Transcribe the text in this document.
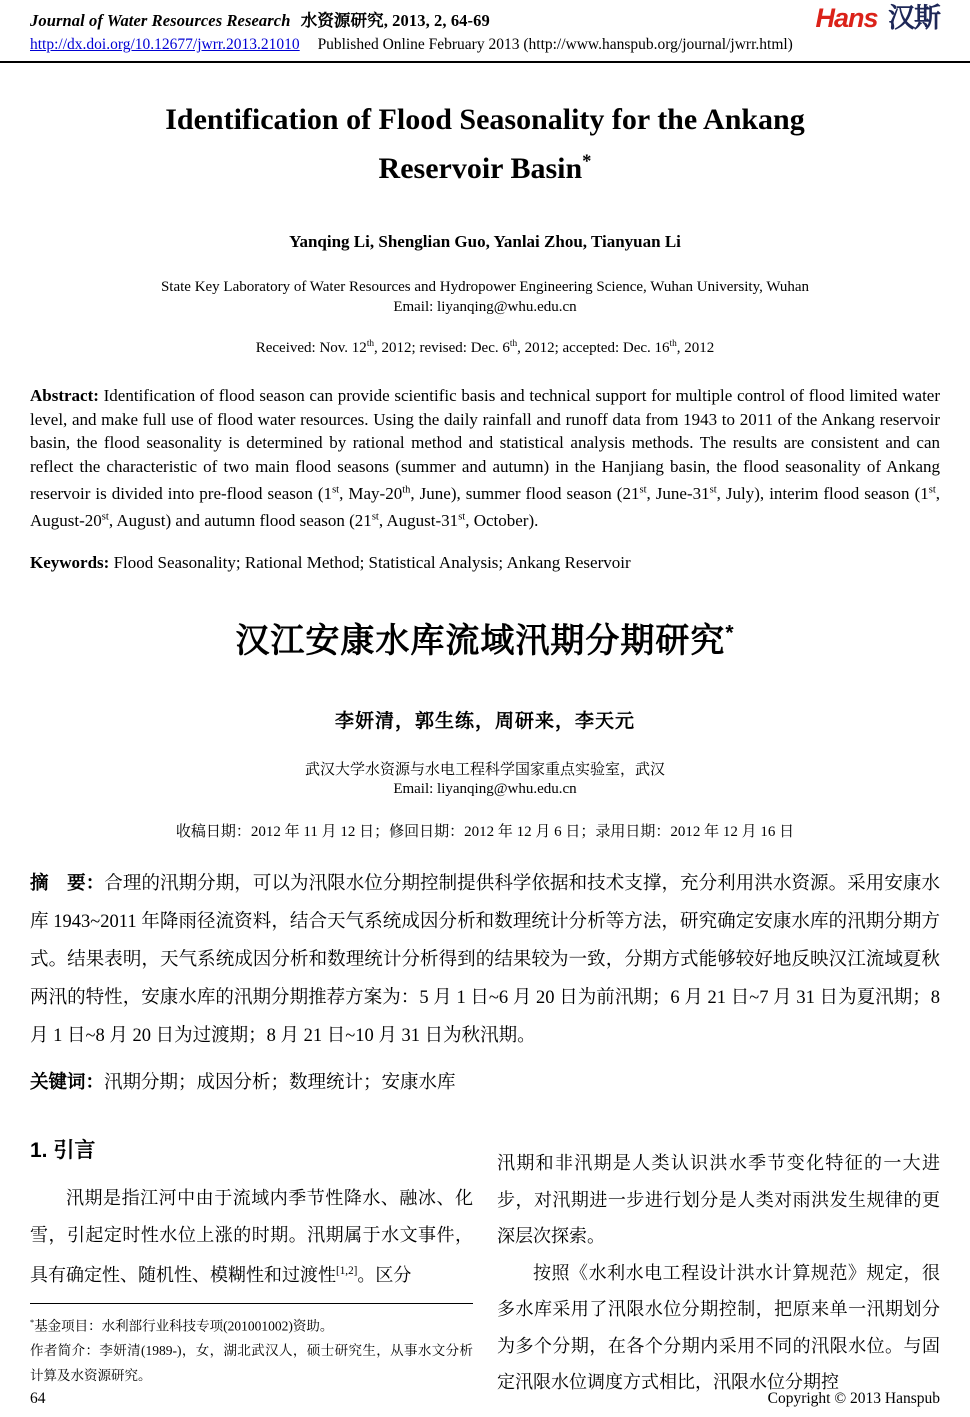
Journal of Water Resources Research 水资源研究, 2013, 2, 64-69
http://dx.doi.org/10.12677/jwrr.2013.21010 Published Online February 2013 (http://www.hanspub.org/journal/jwrr.html)
Hans 汉斯
Identification of Flood Seasonality for the Ankang
Reservoir Basin*
Yanqing Li, Shenglian Guo, Yanlai Zhou, Tianyuan Li
State Key Laboratory of Water Resources and Hydropower Engineering Science, Wuhan University, Wuhan
Email: liyanqing@whu.edu.cn
Received: Nov. 12th, 2012; revised: Dec. 6th, 2012; accepted: Dec. 16th, 2012
Abstract: Identification of flood season can provide scientific basis and technical support for multiple control of flood limited water level, and make full use of flood water resources. Using the daily rainfall and runoff data from 1943 to 2011 of the Ankang reservoir basin, the flood seasonality is determined by rational method and statistical analysis methods. The results are consistent and can reflect the characteristic of two main flood seasons (summer and autumn) in the Hanjiang basin, the flood seasonality of Ankang reservoir is divided into pre-flood season (1st, May-20th, June), summer flood season (21st, June-31st, July), interim flood season (1st, August-20st, August) and autumn flood season (21st, August-31st, October).
Keywords: Flood Seasonality; Rational Method; Statistical Analysis; Ankang Reservoir
汉江安康水库流域汛期分期研究*
李妍清，郭生练，周研来，李天元
武汉大学水资源与水电工程科学国家重点实验室，武汉
Email: liyanqing@whu.edu.cn
收稿日期：2012 年 11 月 12 日；修回日期：2012 年 12 月 6 日；录用日期：2012 年 12 月 16 日
摘　要：合理的汛期分期，可以为汛限水位分期控制提供科学依据和技术支撑，充分利用洪水资源。采用安康水库 1943~2011 年降雨径流资料，结合天气系统成因分析和数理统计分析等方法，研究确定安康水库的汛期分期方式。结果表明，天气系统成因分析和数理统计分析得到的结果较为一致，分期方式能够较好地反映汉江流域夏秋两汛的特性，安康水库的汛期分期推荐方案为：5 月 1 日~6 月 20 日为前汛期；6 月 21 日~7 月 31 日为夏汛期；8 月 1 日~8 月 20 日为过渡期；8 月 21 日~10 月 31 日为秋汛期。
关键词：汛期分期；成因分析；数理统计；安康水库
1. 引言

汛期是指江河中由于流域内季节性降水、融冰、化雪，引起定时性水位上涨的时期。汛期属于水文事件，具有确定性、随机性、模糊性和过渡性[1,2]。区分

*基金项目：水利部行业科技专项(201001002)资助。

作者简介：李妍清(1989-)，女，湖北武汉人，硕士研究生，从事水文分析计算及水资源研究。

汛期和非汛期是人类认识洪水季节变化特征的一大进步，对汛期进一步进行划分是人类对雨洪发生规律的更深层次探索。

按照《水利水电工程设计洪水计算规范》规定，很多水库采用了汛限水位分期控制，把原来单一汛期划分为多个分期，在各个分期内采用不同的汛限水位。与固定汛限水位调度方式相比，汛限水位分期控

64	Copyright © 2013 Hanspub
